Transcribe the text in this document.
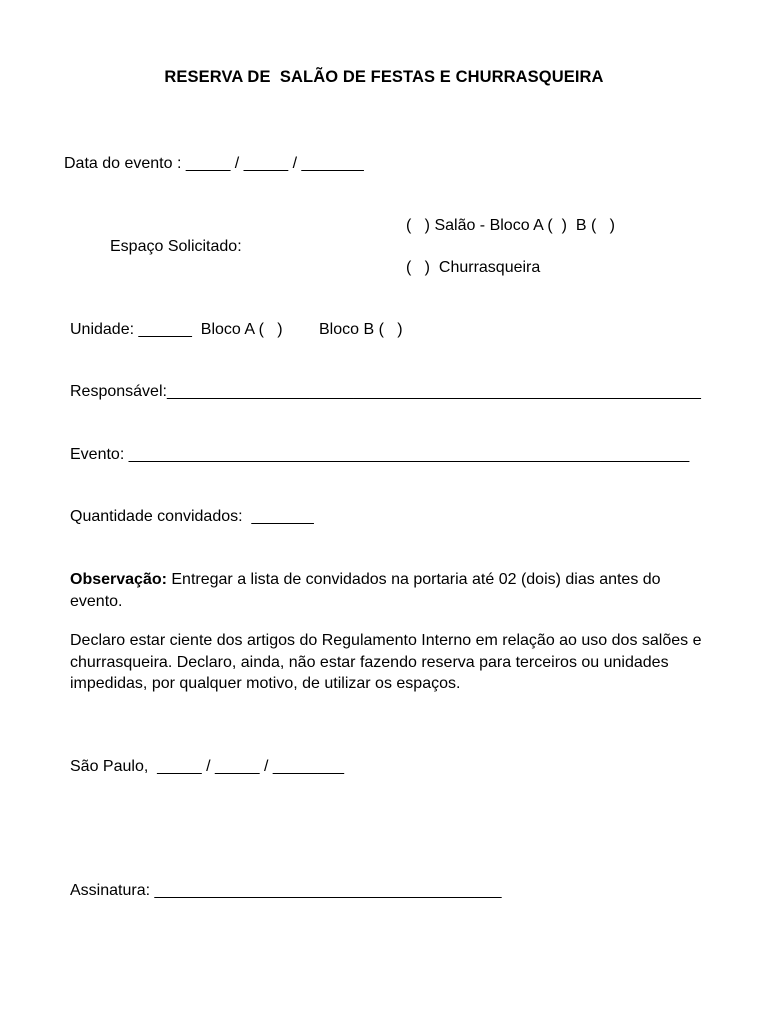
RESERVA DE  SALÃO DE FESTAS E CHURRASQUEIRA
Data do evento : _____ / _____ / _______
(   ) Salão - Bloco A (  )  B (   )
Espaço Solicitado:
(   )  Churrasqueira
Unidade: ______  Bloco A (   ) Bloco B (   )
Responsável:____________________________________________________________
Evento: _______________________________________________________________
Quantidade convidados:  _______
Observação: Entregar a lista de convidados na portaria até 02 (dois) dias antes do evento.
Declaro estar ciente dos artigos do Regulamento Interno em relação ao uso dos salões e churrasqueira. Declaro, ainda, não estar fazendo reserva para terceiros ou unidades impedidas, por qualquer motivo, de utilizar os espaços.
São Paulo,  _____ / _____ / ________
Assinatura: _______________________________________
